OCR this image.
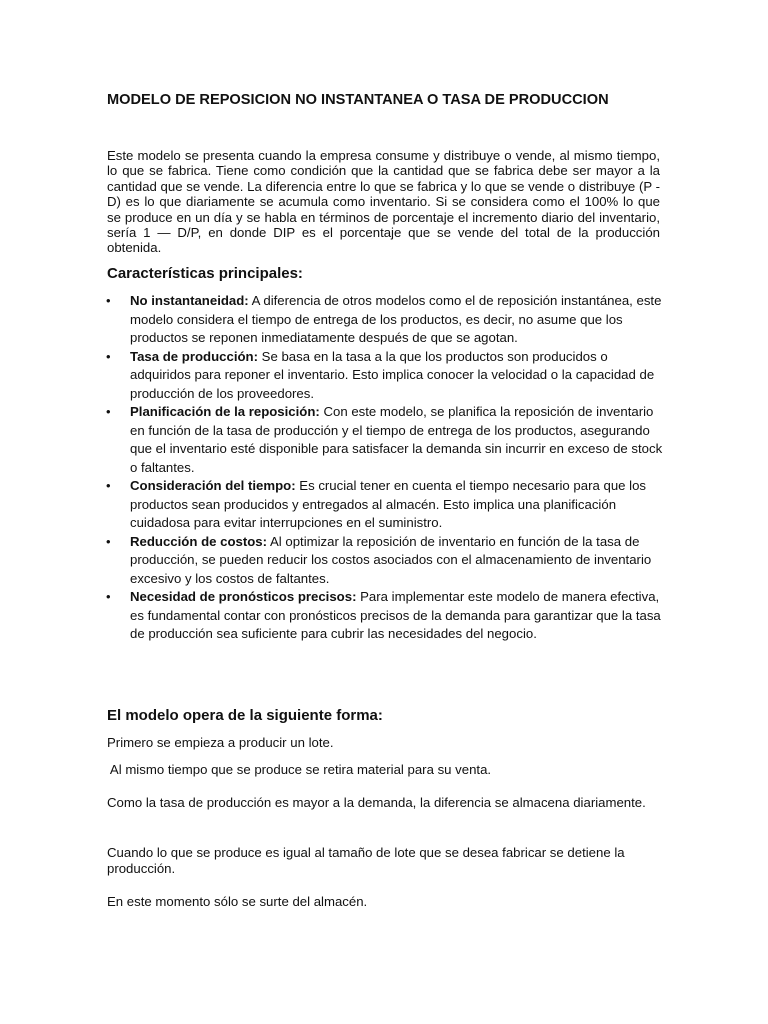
MODELO DE REPOSICION NO INSTANTANEA O TASA DE PRODUCCION

Este modelo se presenta cuando la empresa consume y distribuye o vende, al mismo tiempo, lo que se fabrica. Tiene como condición que la cantidad que se fabrica debe ser mayor a la cantidad que se vende. La diferencia entre lo que se fabrica y lo que se vende o distribuye (P - D) es lo que diariamente se acumula como inventario. Si se considera como el 100% lo que se produce en un día y se habla en términos de porcentaje el incremento diario del inventario, sería 1 — D/P, en donde DIP es el porcentaje que se vende del total de la producción obtenida.

Características principales:
• No instantaneidad: A diferencia de otros modelos como el de reposición instantánea, este modelo considera el tiempo de entrega de los productos, es decir, no asume que los productos se reponen inmediatamente después de que se agotan.
• Tasa de producción: Se basa en la tasa a la que los productos son producidos o adquiridos para reponer el inventario. Esto implica conocer la velocidad o la capacidad de producción de los proveedores.
• Planificación de la reposición: Con este modelo, se planifica la reposición de inventario en función de la tasa de producción y el tiempo de entrega de los productos, asegurando que el inventario esté disponible para satisfacer la demanda sin incurrir en exceso de stock o faltantes.
• Consideración del tiempo: Es crucial tener en cuenta el tiempo necesario para que los productos sean producidos y entregados al almacén. Esto implica una planificación cuidadosa para evitar interrupciones en el suministro.
• Reducción de costos: Al optimizar la reposición de inventario en función de la tasa de producción, se pueden reducir los costos asociados con el almacenamiento de inventario excesivo y los costos de faltantes.
• Necesidad de pronósticos precisos: Para implementar este modelo de manera efectiva, es fundamental contar con pronósticos precisos de la demanda para garantizar que la tasa de producción sea suficiente para cubrir las necesidades del negocio.
El modelo opera de la siguiente forma:

Primero se empieza a producir un lote.

Al mismo tiempo que se produce se retira material para su venta.

Como la tasa de producción es mayor a la demanda, la diferencia se almacena diariamente.

Cuando lo que se produce es igual al tamaño de lote que se desea fabricar se detiene la producción.

En este momento sólo se surte del almacén.
